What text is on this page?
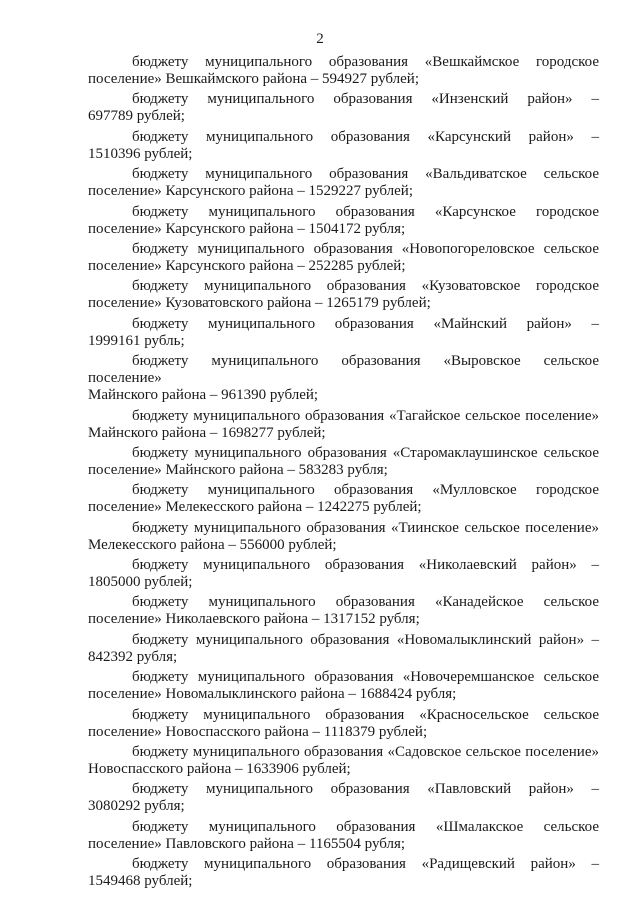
2

бюджету муниципального образования «Вешкаймское городское
поселение» Вешкаймского района – 594927 рублей;

бюджету муниципального образования «Инзенский район» –
697789 рублей;

бюджету муниципального образования «Карсунский район» –
1510396 рублей;

бюджету муниципального образования «Вальдиватское сельское
поселение» Карсунского района – 1529227 рублей;

бюджету муниципального образования «Карсунское городское
поселение» Карсунского района – 1504172 рубля;

бюджету муниципального образования «Новопогореловское сельское
поселение» Карсунского района – 252285 рублей;

бюджету муниципального образования «Кузоватовское городское
поселение» Кузоватовского района – 1265179 рублей;

бюджету муниципального образования «Майнский район» –
1999161 рубль;

бюджету муниципального образования «Выровское сельское поселение»
Майнского района – 961390 рублей;

бюджету муниципального образования «Тагайское сельское поселение»
Майнского района – 1698277 рублей;

бюджету муниципального образования «Старомаклаушинское сельское
поселение» Майнского района – 583283 рубля;

бюджету муниципального образования «Мулловское городское
поселение» Мелекесского района – 1242275 рублей;

бюджету муниципального образования «Тиинское сельское поселение»
Мелекесского района – 556000 рублей;

бюджету муниципального образования «Николаевский район» –
1805000 рублей;

бюджету муниципального образования «Канадейское сельское
поселение» Николаевского района – 1317152 рубля;

бюджету муниципального образования «Новомалыклинский район» –
842392 рубля;

бюджету муниципального образования «Новочеремшанское сельское
поселение» Новомалыклинского района – 1688424 рубля;

бюджету муниципального образования «Красносельское сельское
поселение» Новоспасского района – 1118379 рублей;

бюджету муниципального образования «Садовское сельское поселение»
Новоспасского района – 1633906 рублей;

бюджету муниципального образования «Павловский район» –
3080292 рубля;

бюджету муниципального образования «Шмалакское сельское
поселение» Павловского района – 1165504 рубля;

бюджету муниципального образования «Радищевский район» –
1549468 рублей;
